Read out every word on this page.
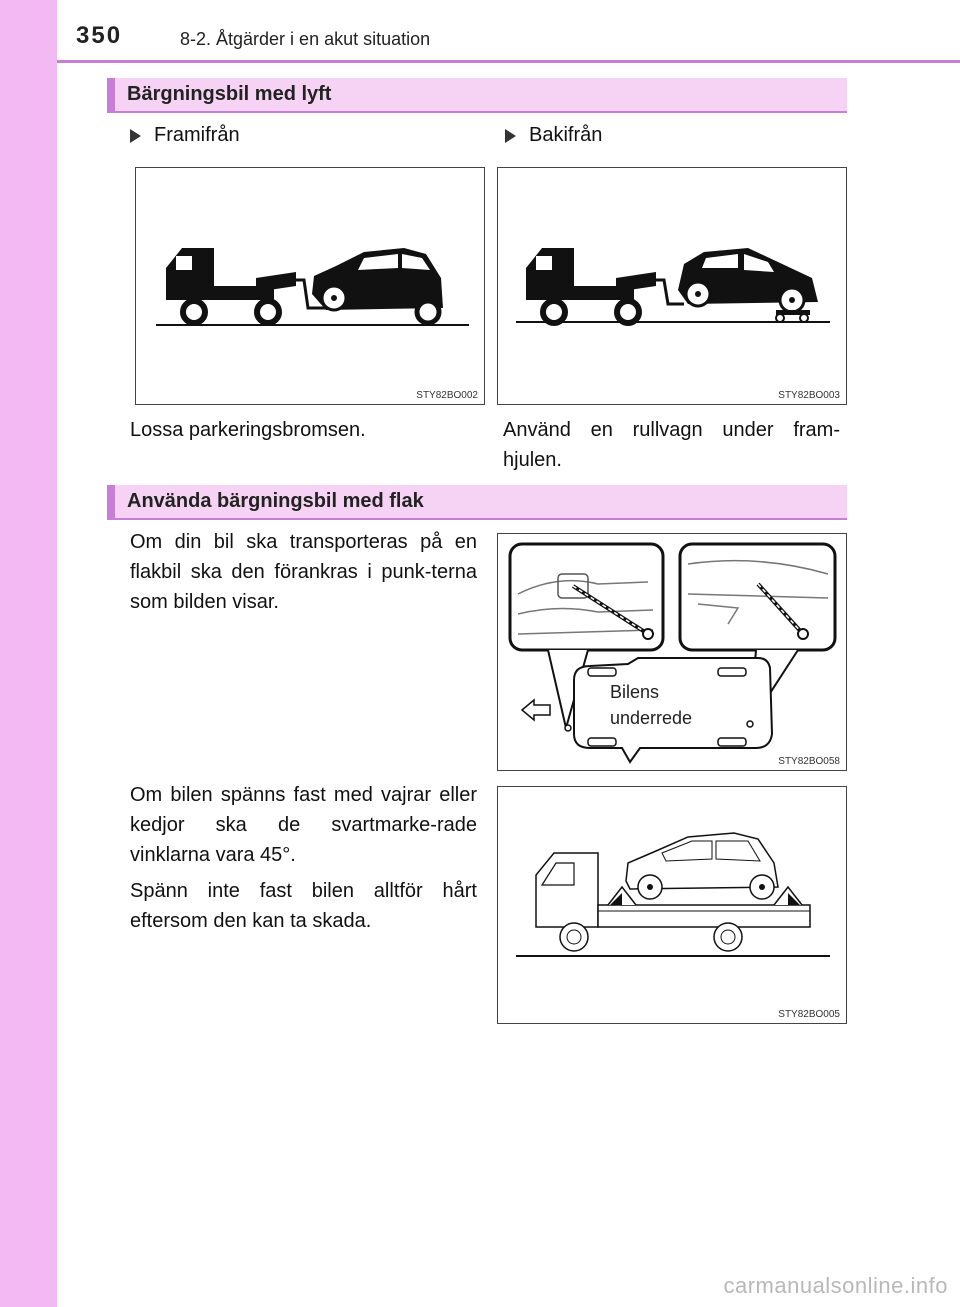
350	8-2. Åtgärder i en akut situation
Bärgningsbil med lyft
Framifrån	Bakifrån
STY82BO002	STY82BO003
Lossa parkeringsbromsen.	Använd en rullvagn under fram-hjulen.
Använda bärgningsbil med flak
Om din bil ska transporteras på en flakbil ska den förankras i punk-terna som bilden visar.
Bilens
underrede
STY82BO058
Om bilen spänns fast med vajrar eller kedjor ska de svartmarke-rade vinklarna vara 45°.
Spänn inte fast bilen alltför hårt eftersom den kan ta skada.
STY82BO005
carmanualsonline.info
